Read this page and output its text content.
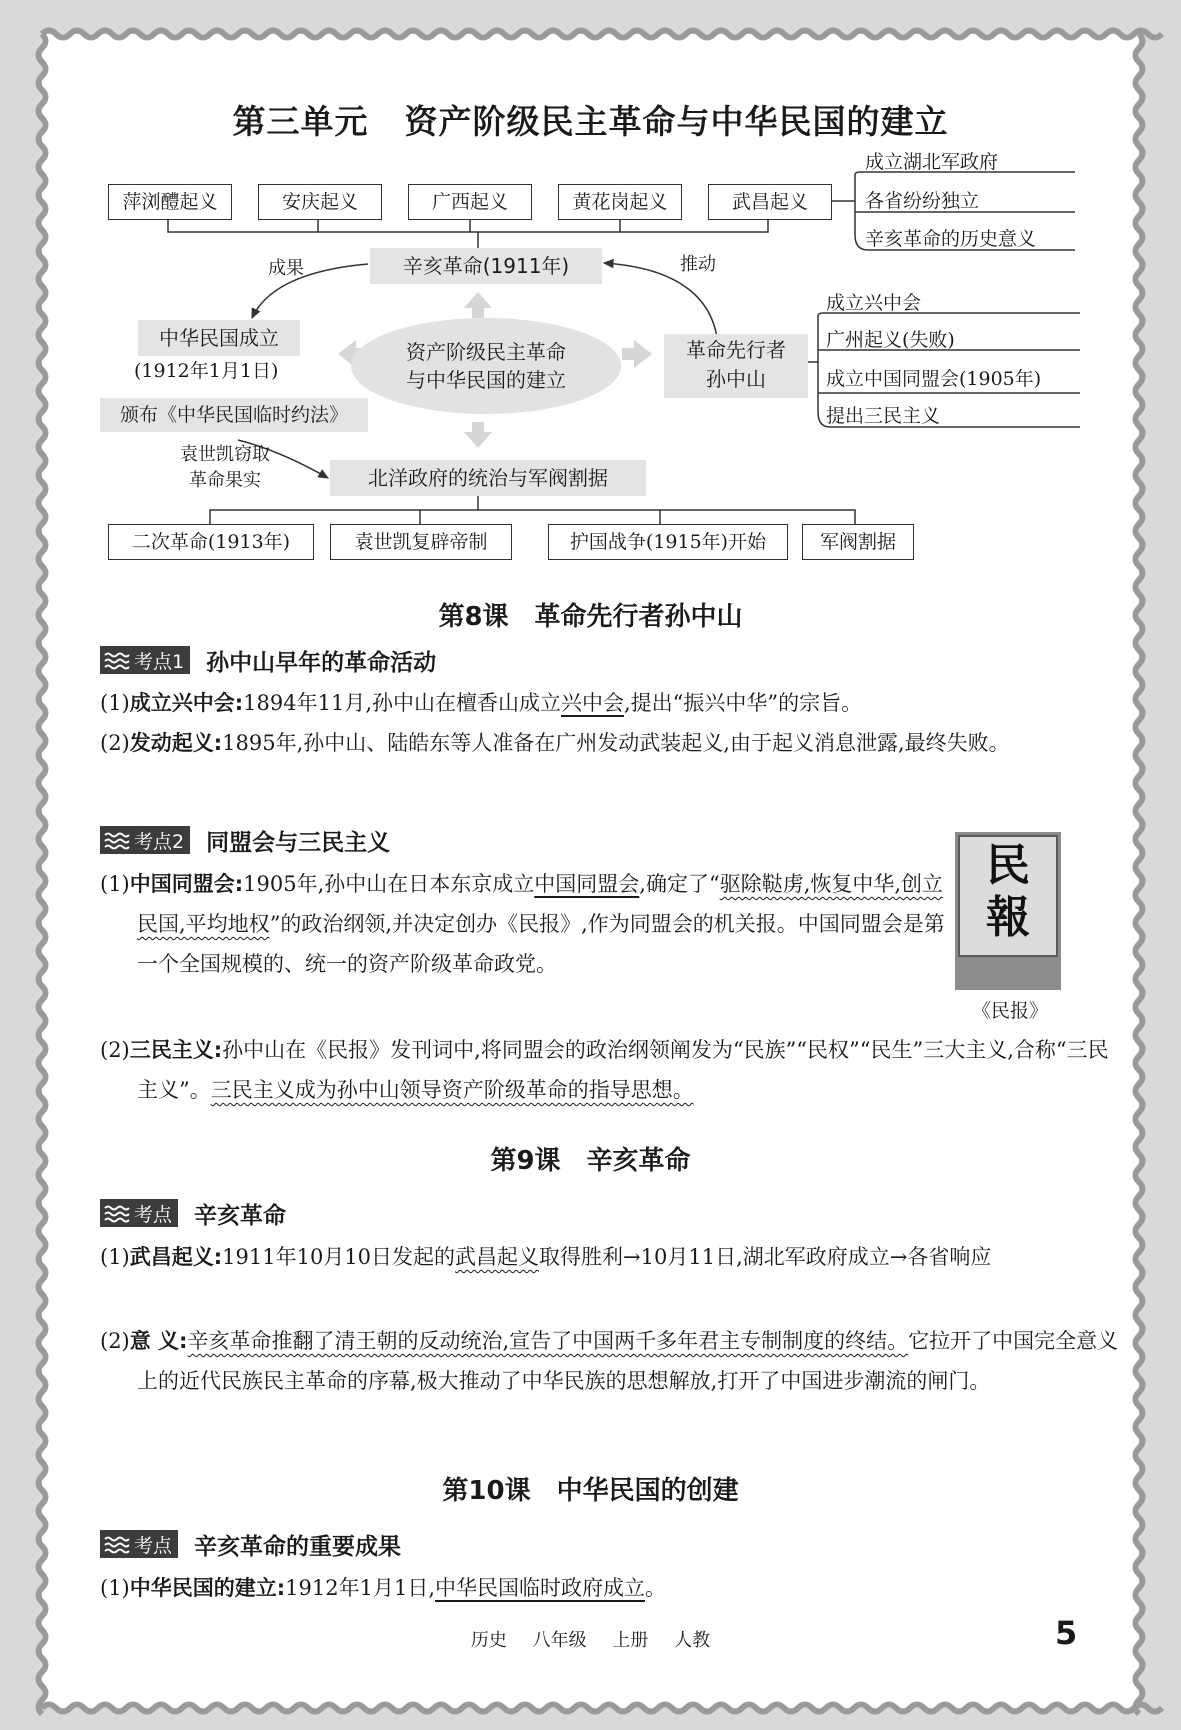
第三单元 资产阶级民主革命与中华民国的建立
萍浏醴起义	安庆起义	广西起义	黄花岗起义	武昌起义
成立湖北军政府
各省纷纷独立
辛亥革命的历史意义
辛亥革命(1911年)
成果	推动
中华民国成立
(1912年1月1日)
颁布《中华民国临时约法》
资产阶级民主革命
与中华民国的建立
革命先行者
孙中山
成立兴中会
广州起义(失败)
成立中国同盟会(1905年)
提出三民主义
袁世凯窃取
革命果实	北洋政府的统治与军阀割据
二次革命(1913年)	袁世凯复辟帝制	护国战争(1915年)开始	军阀割据
第8课 革命先行者孙中山
考点1 孙中山早年的革命活动
(1)成立兴中会:1894年11月,孙中山在檀香山成立兴中会,提出“振兴中华”的宗旨。
(2)发动起义:1895年,孙中山、陆皓东等人准备在广州发动武装起义,由于起义消息泄露,最终失败。
考点2 同盟会与三民主义
(1)中国同盟会:1905年,孙中山在日本东京成立中国同盟会,确定了“驱除鞑虏,恢复中华,创立民国,平均地权”的政治纲领,并决定创办《民报》,作为同盟会的机关报。中国同盟会是第一个全国规模的、统一的资产阶级革命政党。
民
報
《民报》
(2)三民主义:孙中山在《民报》发刊词中,将同盟会的政治纲领阐发为“民族”“民权”“民生”三大主义,合称“三民主义”。三民主义成为孙中山领导资产阶级革命的指导思想。
第9课 辛亥革命
考点 辛亥革命
(1)武昌起义:1911年10月10日发起的武昌起义取得胜利→10月11日,湖北军政府成立→各省响应
(2)意 义:辛亥革命推翻了清王朝的反动统治,宣告了中国两千多年君主专制制度的终结。它拉开了中国完全意义上的近代民族民主革命的序幕,极大推动了中华民族的思想解放,打开了中国进步潮流的闸门。
第10课 中华民国的创建
考点 辛亥革命的重要成果
(1)中华民国的建立:1912年1月1日,中华民国临时政府成立。
历史 八年级 上册 人教	5
